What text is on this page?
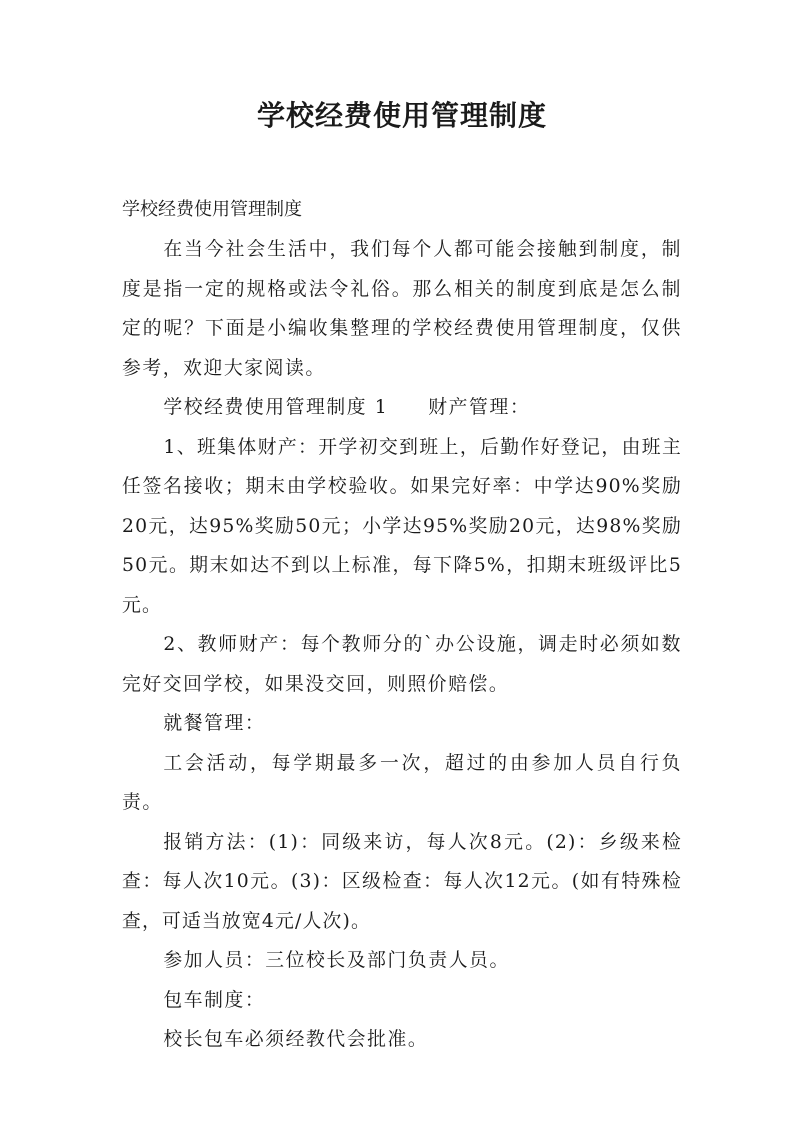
学校经费使用管理制度

学校经费使用管理制度

在当今社会生活中，我们每个人都可能会接触到制度，制度是指一定的规格或法令礼俗。那么相关的制度到底是怎么制定的呢？下面是小编收集整理的学校经费使用管理制度，仅供参考，欢迎大家阅读。

学校经费使用管理制度 1 财产管理：

1、班集体财产：开学初交到班上，后勤作好登记，由班主任签名接收；期末由学校验收。如果完好率：中学达90%奖励20元，达95%奖励50元；小学达95%奖励20元，达98%奖励50元。期末如达不到以上标准，每下降5%，扣期末班级评比5元。

2、教师财产：每个教师分的`办公设施，调走时必须如数完好交回学校，如果没交回，则照价赔偿。

就餐管理：

工会活动，每学期最多一次，超过的由参加人员自行负责。

报销方法：(1)：同级来访，每人次8元。(2)：乡级来检查：每人次10元。(3)：区级检查：每人次12元。(如有特殊检查，可适当放宽4元/人次)。

参加人员：三位校长及部门负责人员。

包车制度：

校长包车必须经教代会批准。
